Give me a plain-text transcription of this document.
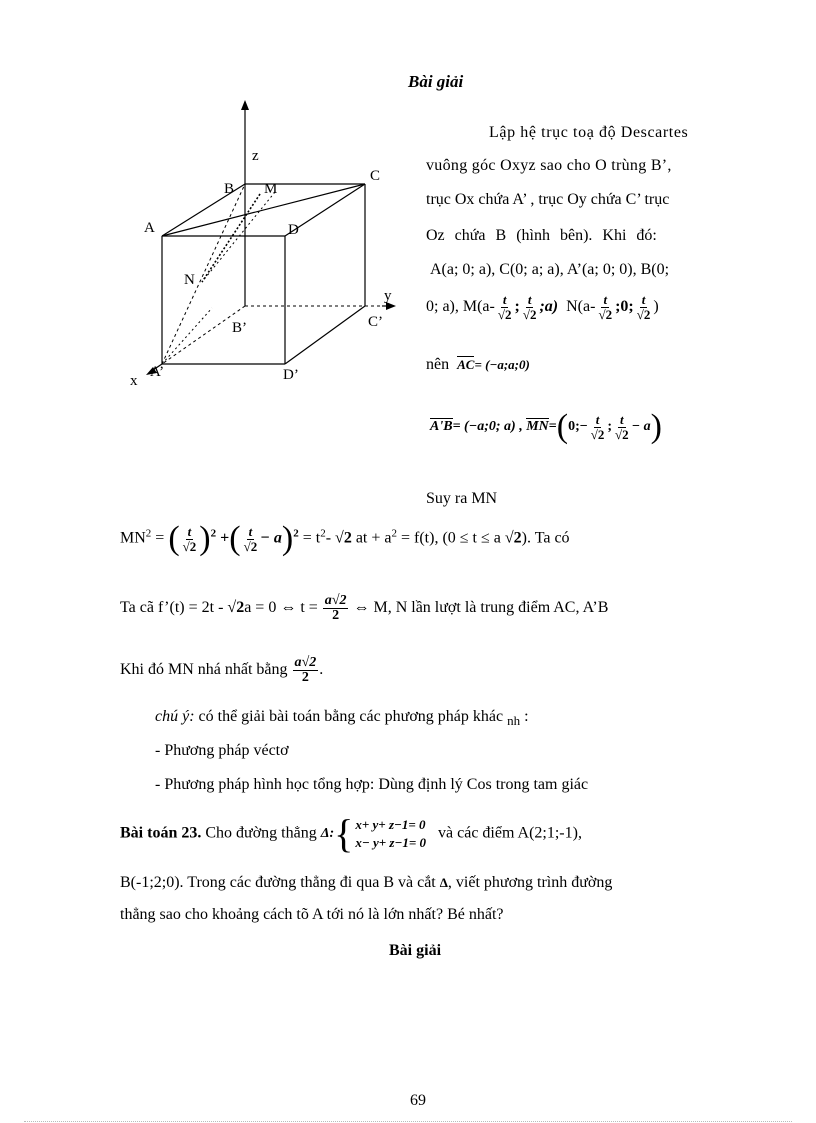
Bài giải
z
B M
C
A	D
N
y
B’	C’
x
A’	D’
Lập hệ trục toạ độ Descartes
vuông góc Oxyz sao cho O trùng B’,
trục Ox chứa A’ , trục Oy chứa C’ trục
Oz chứa B (hình bên). Khi đó:
A(a; 0; a), C(0; a; a), A’(a; 0; 0), B(0;
0; a), $M(a- \frac{t}{√2}$ ; $\frac{t}{√2}$ ;a) $N(a- \frac{t}{√2}$ ;0; $\frac{t}{√2}$ )
nên AC= (−a;a;0)
A'B= (−a;0; a) , MN=(0;− $\frac{t}{√2}$ ; $\frac{t}{√2} - a$)
Suy ra MN
$MN^2$ = ( $\frac{t}{√2} )^2$ +( $\frac{t}{√2} - a)^2 = t^2-$ √2 at + $a^2 = f(t)$, (0 ≤ t ≤ a √2). Ta có
Ta cã f’(t) = 2t - √2a = 0 ⇔ $t = \frac{a√2}{2}$ ⇔ M, N lần lượt là trung điểm AC, A’B
Khi đó MN nhá nhất bằng $\frac{a√2}{2}$ .
chú ý: có thể giải bài toán bằng các phương pháp khác $_{nh}$ :
- Phương pháp véctơ
- Phương pháp hình học tổng hợp: Dùng định lý Cos trong tam giác
Bài toán 23. Cho đường thẳng Δ: { x+ y+ z−1= 0
x− y+ z−1= 0
và các điểm A(2;1;-1),
B(-1;2;0). Trong các đường thẳng đi qua B và cắt Δ, viết phương trình đường
thẳng sao cho khoảng cách tõ A tới nó là lớn nhất? Bé nhất?
Bài giải
69
